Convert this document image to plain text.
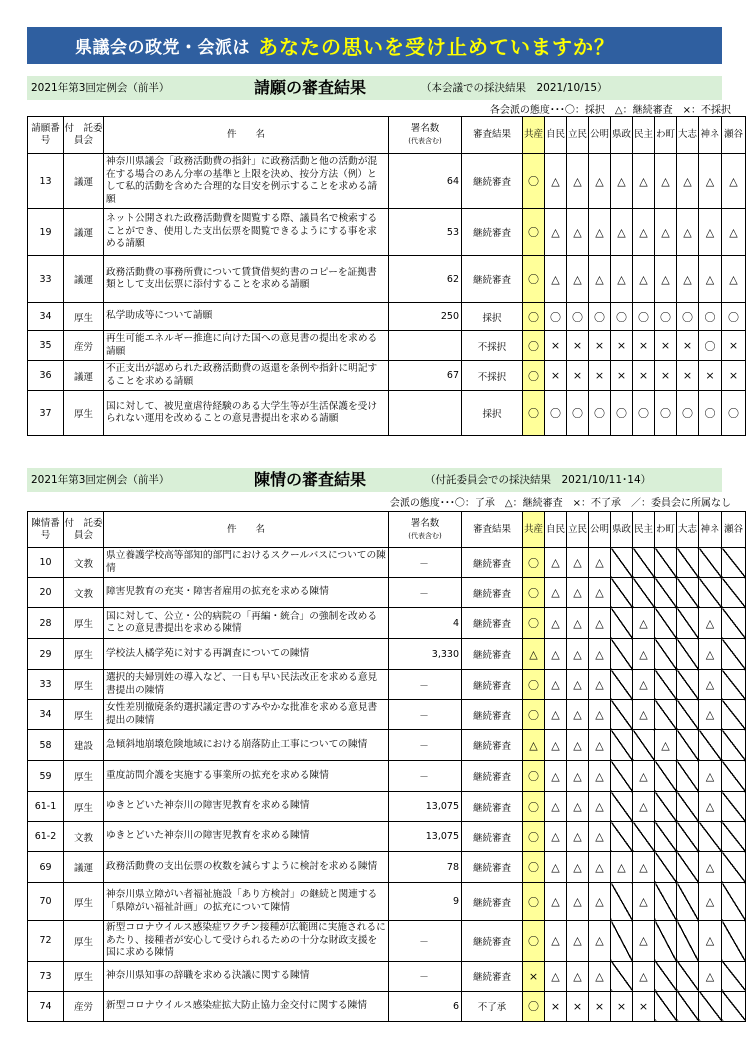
県議会の政党・会派は あなたの思いを受け止めていますか？
2021年第3回定例会（前半）	請願の審査結果	（本会議での採決結果　2021/10/15）
各会派の態度･･･〇：採択　△：継続審査　×：不採択
請願番号	付　託委員会	件　　名	署名数
(代表含む)	審査結果	共産	自民	立民	公明	県政	民主	わ町	大志	神ネ	瀬谷
13	議運	神奈川県議会「政務活動費の指針」に政務活動と他の活動が混在する場合のあん分率の基準と上限を決め、按分方法（例）として私的活動を含めた合理的な目安を例示することを求める請願	64	継続審査	〇	△	△	△	△	△	△	△	△	△
19	議運	ネット公開された政務活動費を閲覧する際、議員名で検索することができ、使用した支出伝票を閲覧できるようにする事を求める請願	53	継続審査	〇	△	△	△	△	△	△	△	△	△
33	議運	政務活動費の事務所費について賃貸借契約書のコピーを証拠書類として支出伝票に添付することを求める請願	62	継続審査	〇	△	△	△	△	△	△	△	△	△
34	厚生	私学助成等について請願	250	採択	〇	〇	〇	〇	〇	〇	〇	〇	〇	〇
35	産労	再生可能エネルギー推進に向けた国への意見書の提出を求める請願		不採択	〇	×	×	×	×	×	×	×	〇	×
36	議運	不正支出が認められた政務活動費の返還を条例や指針に明記することを求める請願	67	不採択	〇	×	×	×	×	×	×	×	×	×
37	厚生	国に対して、被児童虐待経験のある大学生等が生活保護を受けられない運用を改めることの意見書提出を求める請願		採択	〇	〇	〇	〇	〇	〇	〇	〇	〇	〇
2021年第3回定例会（前半）	陳情の審査結果	（付託委員会での採決結果　2021/10/11･14）
会派の態度･･･〇：了承　△：継続審査　×：不了承　／：委員会に所属なし
陳情番号	付　託委員会	件　　名	署名数
(代表含む)	審査結果	共産	自民	立民	公明	県政	民主	わ町	大志	神ネ	瀬谷
10	文教	県立養護学校高等部知的部門におけるスクールバスについての陳情	－	継続審査	〇	△	△	△						
20	文教	障害児教育の充実・障害者雇用の拡充を求める陳情	－	継続審査	〇	△	△	△						
28	厚生	国に対して、公立・公的病院の「再編・統合」の強制を改めることの意見書提出を求める陳情	4	継続審査	〇	△	△	△		△			△	
29	厚生	学校法人橘学苑に対する再調査についての陳情	3,330	継続審査	△	△	△	△		△			△	
33	厚生	選択的夫婦別姓の導入など、一日も早い民法改正を求める意見書提出の陳情	－	継続審査	〇	△	△	△		△			△	
34	厚生	女性差別撤廃条約選択議定書のすみやかな批准を求める意見書提出の陳情	－	継続審査	〇	△	△	△		△			△	
58	建設	急傾斜地崩壊危険地域における崩落防止工事についての陳情	－	継続審査	△	△	△	△			△			
59	厚生	重度訪問介護を実施する事業所の拡充を求める陳情	－	継続審査	〇	△	△	△		△			△	
61-1	厚生	ゆきとどいた神奈川の障害児教育を求める陳情	13,075	継続審査	〇	△	△	△		△			△	
61-2	文教	ゆきとどいた神奈川の障害児教育を求める陳情	13,075	継続審査	〇	△	△	△						
69	議運	政務活動費の支出伝票の枚数を減らすように検討を求める陳情	78	継続審査	〇	△	△	△	△	△			△	
70	厚生	神奈川県立障がい者福祉施設「あり方検討」の継続と関連する「県障がい福祉計画」の拡充について陳情	9	継続審査	〇	△	△	△		△			△	
72	厚生	新型コロナウイルス感染症ワクチン接種が広範囲に実施されるにあたり、接種者が安心して受けられるための十分な財政支援を国に求める陳情	－	継続審査	〇	△	△	△		△			△	
73	厚生	神奈川県知事の辞職を求める決議に関する陳情	－	継続審査	×	△	△	△		△			△	
74	産労	新型コロナウイルス感染症拡大防止協力金交付に関する陳情	6	不了承	〇	×	×	×	×	×				
